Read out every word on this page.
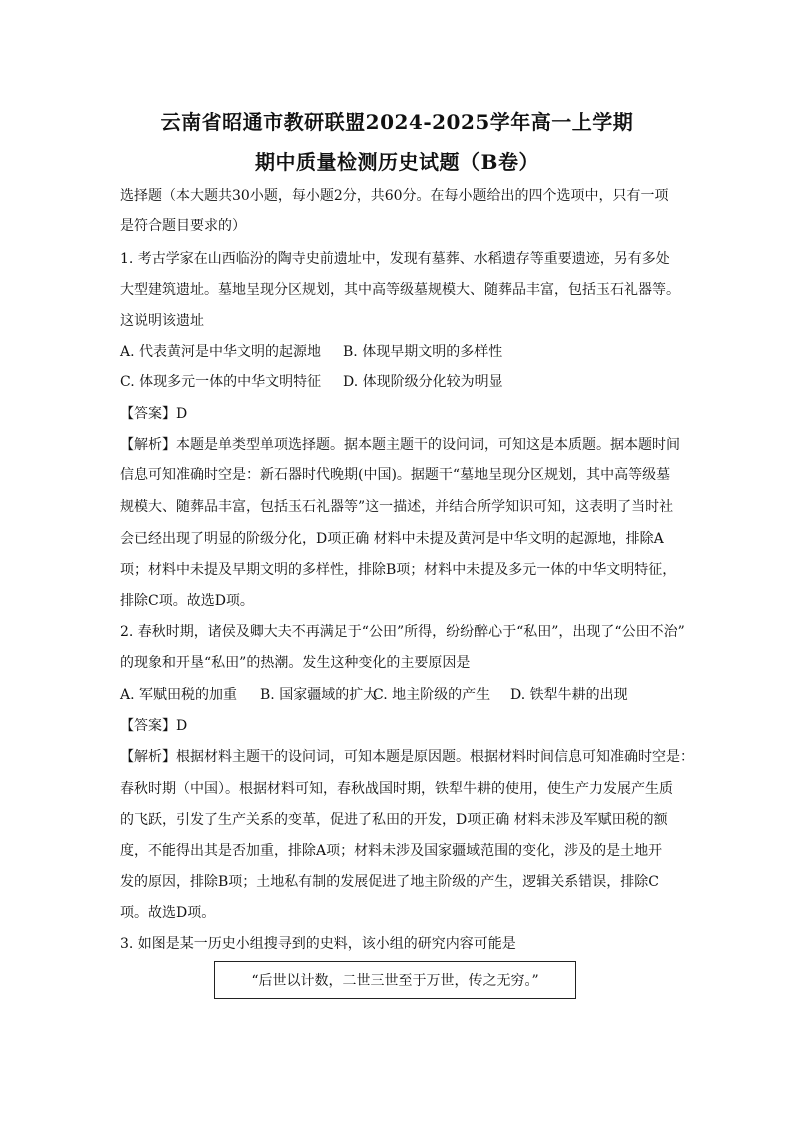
云南省昭通市教研联盟2024-2025学年高一上学期
期中质量检测历史试题（B卷）
选择题（本大题共30小题，每小题2分，共60分。在每小题给出的四个选项中，只有一项
是符合题目要求的）
1. 考古学家在山西临汾的陶寺史前遗址中，发现有墓葬、水稻遗存等重要遗迹，另有多处
大型建筑遗址。墓地呈现分区规划，其中高等级墓规模大、随葬品丰富，包括玉石礼器等。
这说明该遗址
A. 代表黄河是中华文明的起源地 B. 体现早期文明的多样性
C. 体现多元一体的中华文明特征 D. 体现阶级分化较为明显
【答案】D
【解析】本题是单类型单项选择题。据本题主题干的设问词，可知这是本质题。据本题时间
信息可知准确时空是：新石器时代晚期(中国)。据题干“墓地呈现分区规划，其中高等级墓
规模大、随葬品丰富，包括玉石礼器等”这一描述，并结合所学知识可知，这表明了当时社
会已经出现了明显的阶级分化，D项正确 材料中未提及黄河是中华文明的起源地，排除A
项；材料中未提及早期文明的多样性，排除B项；材料中未提及多元一体的中华文明特征，
排除C项。故选D项。
2. 春秋时期，诸侯及卿大夫不再满足于“公田”所得，纷纷醉心于“私田”，出现了“公田不治”
的现象和开垦“私田”的热潮。发生这种变化的主要原因是
A. 军赋田税的加重 B. 国家疆域的扩大
C. 地主阶级的产生 D. 铁犁牛耕的出现
【答案】D
【解析】根据材料主题干的设问词，可知本题是原因题。根据材料时间信息可知准确时空是：
春秋时期（中国）。根据材料可知，春秋战国时期，铁犁牛耕的使用，使生产力发展产生质
的飞跃，引发了生产关系的变革，促进了私田的开发，D项正确 材料未涉及军赋田税的额
度，不能得出其是否加重，排除A项；材料未涉及国家疆域范围的变化，涉及的是土地开
发的原因，排除B项；土地私有制的发展促进了地主阶级的产生，逻辑关系错误，排除C
项。故选D项。
3. 如图是某一历史小组搜寻到的史料，该小组的研究内容可能是
“后世以计数，二世三世至于万世，传之无穷。”
